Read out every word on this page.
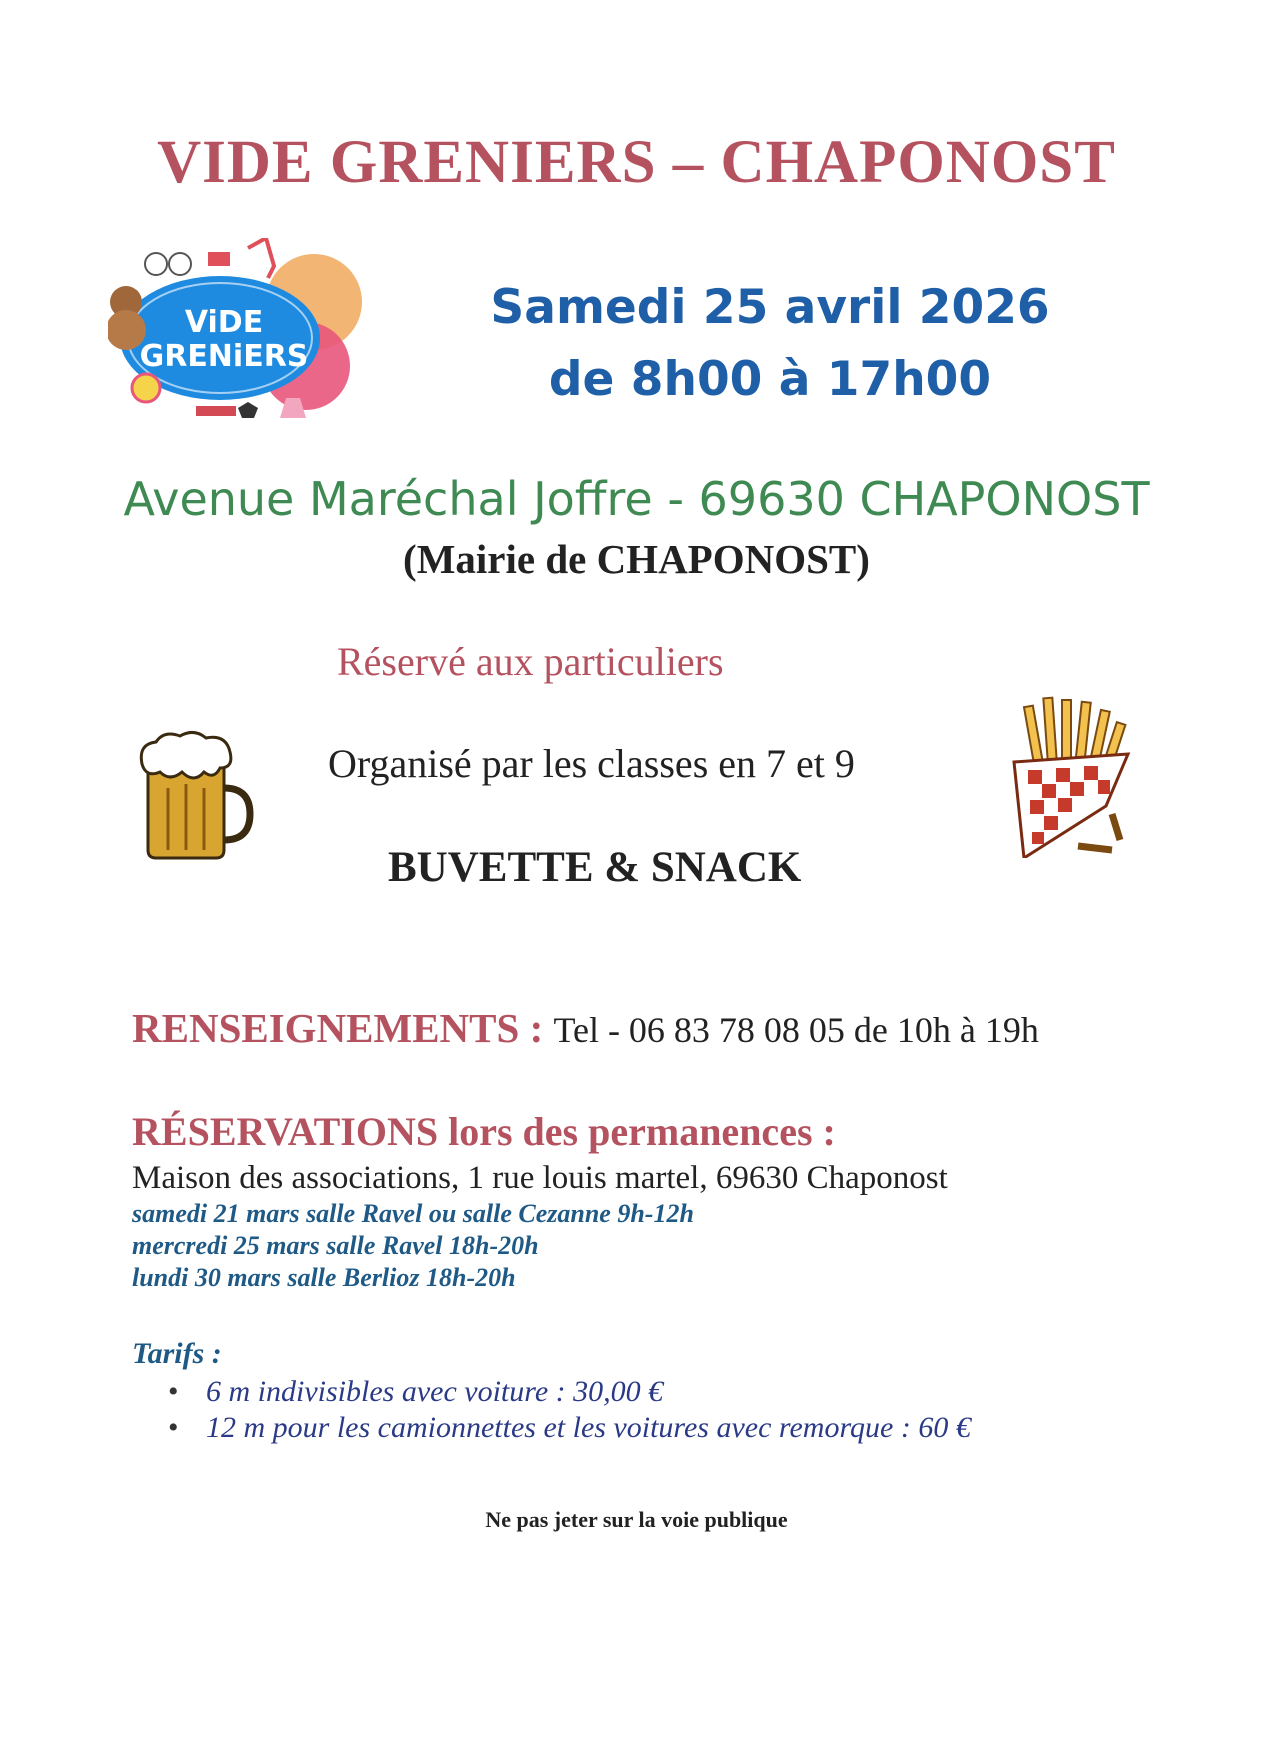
VIDE GRENIERS – CHAPONOST
ViDE
GRENiERS
Samedi 25 avril 2026
de 8h00 à 17h00
Avenue Maréchal Joffre - 69630 CHAPONOST
(Mairie de CHAPONOST)
Réservé aux particuliers
Organisé par les classes en 7 et 9
BUVETTE & SNACK
RENSEIGNEMENTS : Tel - 06 83 78 08 05 de 10h à 19h
RÉSERVATIONS lors des permanences :
Maison des associations, 1 rue louis martel, 69630 Chaponost
samedi 21 mars salle Ravel ou salle Cezanne 9h-12h
mercredi 25 mars salle Ravel 18h-20h
lundi 30 mars salle Berlioz 18h-20h
Tarifs :
• 6 m indivisibles avec voiture : 30,00 €
• 12 m pour les camionnettes et les voitures avec remorque : 60 €
Ne pas jeter sur la voie publique
